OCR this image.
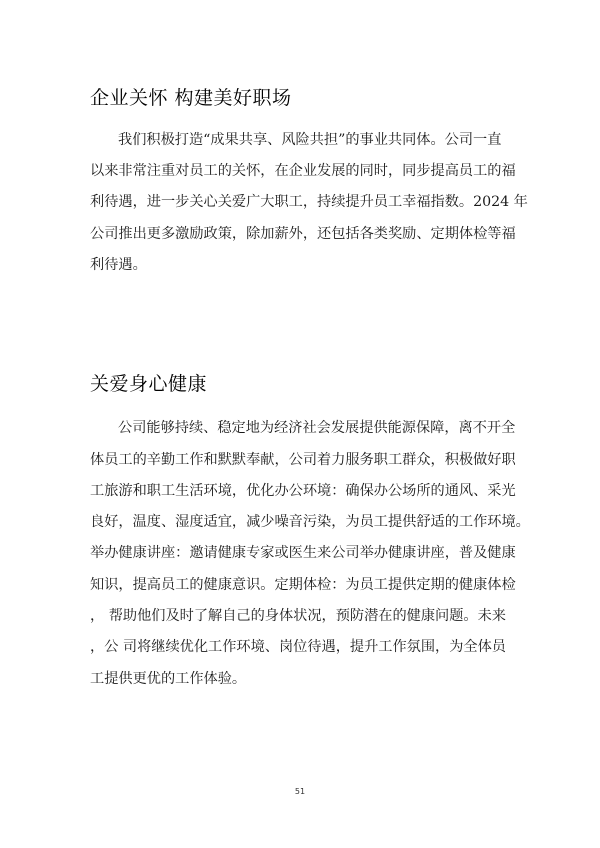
企业关怀 构建美好职场
我们积极打造“成果共享、风险共担”的事业共同体。公司一直
以来非常注重对员工的关怀，在企业发展的同时，同步提高员工的福
利待遇，进一步关心关爱广大职工，持续提升员工幸福指数。2024 年
公司推出更多激励政策，除加薪外，还包括各类奖励、定期体检等福
利待遇。
关爱身心健康
公司能够持续、稳定地为经济社会发展提供能源保障，离不开全
体员工的辛勤工作和默默奉献，公司着力服务职工群众，积极做好职
工旅游和职工生活环境，优化办公环境：确保办公场所的通风、采光
良好，温度、湿度适宜，减少噪音污染，为员工提供舒适的工作环境。
举办健康讲座：邀请健康专家或医生来公司举办健康讲座，普及健康
知识，提高员工的健康意识。定期体检：为员工提供定期的健康体检
， 帮助他们及时了解自己的身体状况，预防潜在的健康问题。未来
，公 司将继续优化工作环境、岗位待遇，提升工作氛围，为全体员
工提供更优的工作体验。
51
